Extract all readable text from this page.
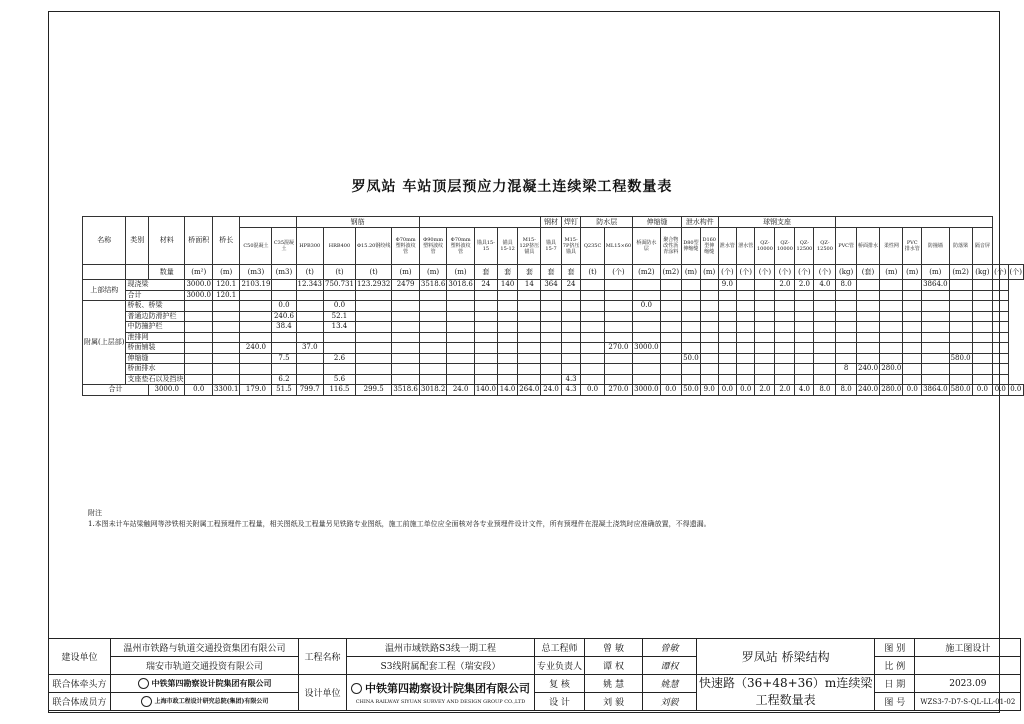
罗凤站 车站顶层预应力混凝土连续梁工程数量表
名称	类别	材料	桥面积	桥长			钢筋									钢材	焊钉	防水层		伸缩缝		泄水构件		球钢支座														
					C50混凝土	C35混凝土	HPB300	HRB400	Φ15.20钢绞线	Φ70mm塑料波纹管	Φ90mm塑料波纹管	Φ70mm塑料波纹管	锚具15-15	锚具15-12	M15-12P挤压锚具	锚具15-7	M15-7P挤压锚具	Q235C	ML15×60	桥面防水层	聚合物改性沥青涂料	D80型伸缩缝	D160型伸缩缝	泄水管	泄水管	QZ-10000	QZ-10000	QZ-12500	QZ-12500	PVC管	桥面排水	柔性网	PVC排水管	防撞墙	防落梁	隔音屏		
		数量	(m²)	(m)	(m3)	(m3)	(t)	(t)	(t)	(m)	(m)	(m)	套	套	套	套	套	(t)	(个)	(m2)	(m2)	(m)	(m)	(个)	(个)	(个)	(个)	(个)	(个)	(kg)	(套)	(m)	(m)	(m)	(m2)	(kg)	(个)	(个)
上部结构	现浇梁		3000.0	120.1	2103.19		12.343	750.731	123.2932	2479	3518.6	3018.6	24	140	14	364	24							9.0			2.0	2.0	4.0	8.0				3864.0				
	合计		3000.0	120.1																																		
附属(上层部)	桥板、桥梁					0.0		0.0												0.0																		
	普通边防滑护栏					240.6		52.1																														
	中防撞护栏					38.4		13.4																														
	泄排网																																					
	桥面铺装				240.0		37.0												270.0	3000.0																		
	伸缩缝					7.5		2.6														50.0													580.0			
	桥面排水																													8	240.0	280.0						
	支座垫石以及挡块					6.2		5.6									4.3																					
合计		3000.0	0.0	3300.1	179.0	51.5	799.7	116.5	299.5	3518.6	3018.2	24.0	140.0	14.0	264.0	24.0	4.3	0.0	270.0	3000.0	0.0	50.0	9.0	0.0	0.0	2.0	2.0	4.0	8.0	8.0	240.0	280.0	0.0	3864.0	580.0	0.0	0.0	0.0
附注
1.本图未计车站梁触网等涉铁相关附属工程预埋件工程量，相关图纸及工程量另见铁路专业图纸，施工前施工单位应全面核对各专业预埋件设计文件，所有预埋件在混凝土浇筑时应准确放置，不得遗漏。
建设单位	温州市铁路与轨道交通投资集团有限公司	工程名称	温州市域铁路S3线一期工程	总工程师	曾 敏	曾敏	罗凤站 桥梁结构	图 别	施工图设计
	瑞安市轨道交通投资有限公司		S3线附属配套工程（瑞安段）	专业负责人	谭 权	谭权		比 例	
联合体牵头方	中铁第四勘察设计院集团有限公司	设计单位	中铁第四勘察设计院集团有限公司
CHINA RAILWAY SIYUAN SURVEY AND DESIGN GROUP CO.,LTD	复 核	姚 慧	姚慧	快速路（36+48+36）m连续梁
工程数量表	日 期	2023.09
联合体成员方	上海市政工程设计研究总院(集团)有限公司			设 计	刘 毅	刘毅		图 号	WZS3-7-D7-S-QL-LL-01-02
